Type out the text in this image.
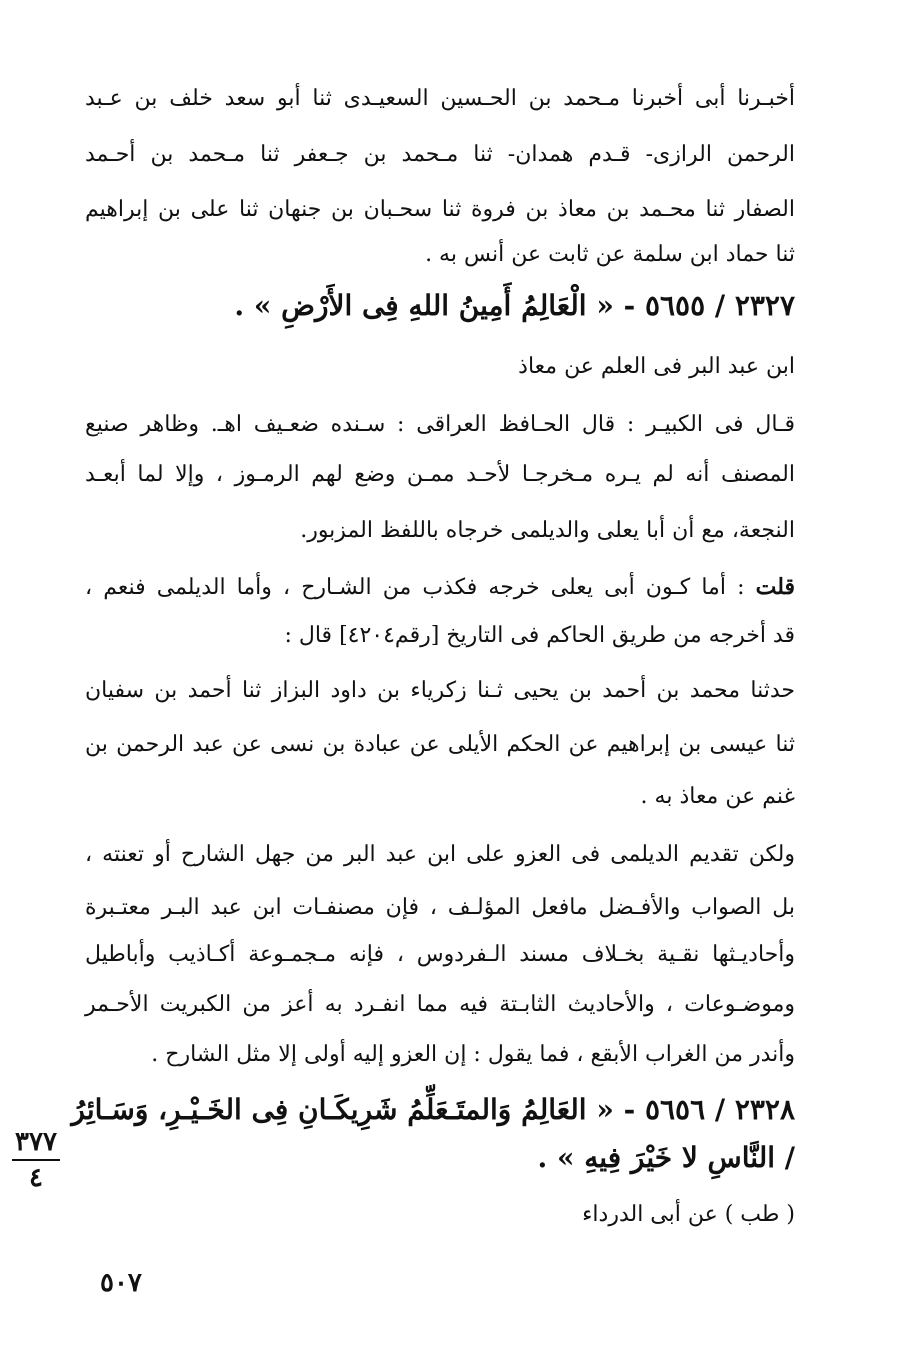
أخبـرنا أبى أخبرنا مـحمد بن الحـسين السعيـدى ثنا أبو سعد خلف بن عـبد
الرحمن الرازى- قـدم همدان- ثنا مـحمد بن جـعفر ثنا مـحمد بن أحـمد
الصفار ثنا محـمد بن معاذ بن فروة ثنا سحـبان بن جنهان ثنا على بن إبراهيم
ثنا حماد ابن سلمة عن ثابت عن أنس به .
٢٣٢٧ / ٥٦٥٥ - « الْعَالِمُ أَمِينُ اللهِ فِى الأَرْضِ » .
ابن عبد البر فى العلم عن معاذ
قـال فى الكبيـر : قال الحـافظ العراقى : سـنده ضعـيف اهـ. وظاهر صنيع
المصنف أنه لم يـره مـخرجـا لأحـد ممـن وضع لهم الرمـوز ، وإلا لما أبعـد
النجعة، مع أن أبا يعلى والديلمى خرجاه باللفظ المزبور.
قلت : أما كـون أبى يعلى خرجه فكذب من الشـارح ، وأما الديلمى فنعم ،
قد أخرجه من طريق الحاكم فى التاريخ [رقم٤٢٠٤] قال :
حدثنا محمد بن أحمد بن يحيى ثـنا زكرياء بن داود البزاز ثنا أحمد بن سفيان
ثنا عيسى بن إبراهيم عن الحكم الأيلى عن عبادة بن نسى عن عبد الرحمن بن
غنم عن معاذ به .
ولكن تقديم الديلمى فى العزو على ابن عبد البر من جهل الشارح أو تعنته ،
بل الصواب والأفـضل مافعل المؤلـف ، فإن مصنفـات ابن عبد البـر معتـبرة
وأحاديـثها نقـية بخـلاف مسند الـفردوس ، فإنه مـجمـوعة أكـاذيب وأباطيل
وموضـوعات ، والأحاديث الثابـتة فيه مما انفـرد به أعز من الكبريت الأحـمر
وأندر من الغراب الأبقع ، فما يقول : إن العزو إليه أولى إلا مثل الشارح .
٢٣٢٨ / ٥٦٥٦ - « العَالِمُ وَالمتَـعَلِّمُ شَرِيكَـانِ فِى الخَـيْـرِ، وَسَـائِرُ
/ النَّاسِ لا خَيْرَ فِيهِ » .
( طب ) عن أبى الدرداء
٣٧٧
٤
٥٠٧
